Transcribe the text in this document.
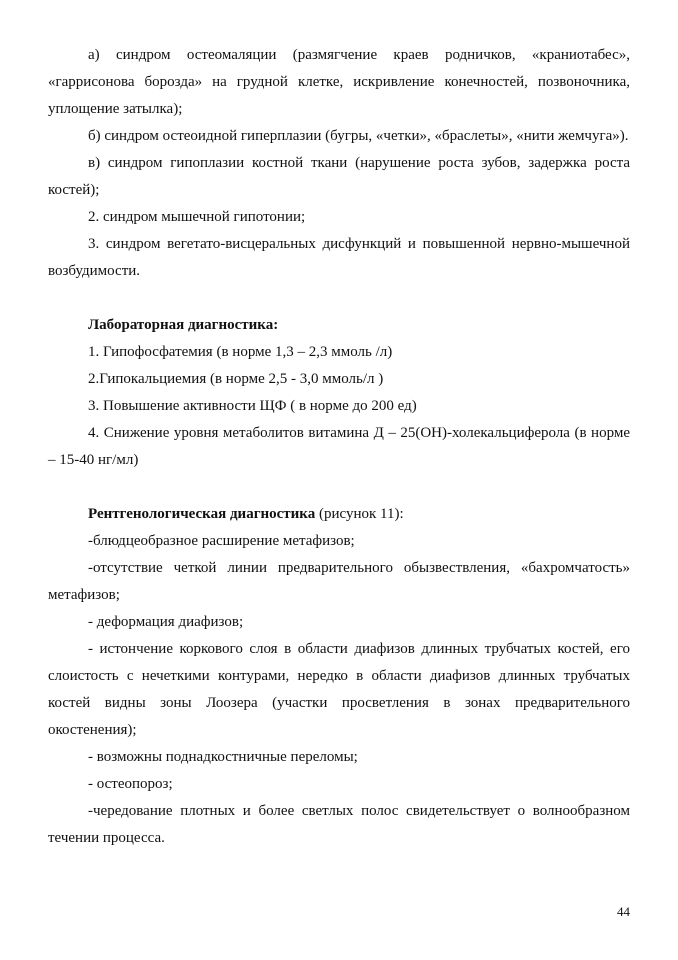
а) синдром остеомаляции (размягчение краев родничков, «краниотабес», «гаррисонова борозда» на грудной клетке, искривление конечностей, позвоночника, уплощение затылка);

б) синдром остеоидной гиперплазии (бугры, «четки», «браслеты», «нити жемчуга»).

в) синдром гипоплазии костной ткани (нарушение роста зубов, задержка роста костей);

2. синдром мышечной гипотонии;

3. синдром вегетато-висцеральных дисфункций и повышенной нервно-мышечной возбудимости.

Лабораторная диагностика:

1. Гипофосфатемия (в норме 1,3 – 2,3 ммоль /л)

2.Гипокальциемия (в норме 2,5 - 3,0 ммоль/л )

3. Повышение активности ЩФ ( в норме до 200 ед)

4. Снижение уровня метаболитов витамина Д – 25(ОН)-холекальциферола (в норме – 15-40 нг/мл)

Рентгенологическая диагностика (рисунок 11):

-блюдцеобразное расширение метафизов;

-отсутствие четкой линии предварительного обызвествления, «бахромчатость» метафизов;

- деформация диафизов;

- истончение коркового слоя в области диафизов длинных трубчатых костей, его слоистость с нечеткими контурами, нередко в области диафизов длинных трубчатых костей видны зоны Лоозера (участки просветления в зонах предварительного окостенения);

- возможны поднадкостничные переломы;

- остеопороз;

-чередование плотных и более светлых полос свидетельствует о волнообразном течении процесса.

44
